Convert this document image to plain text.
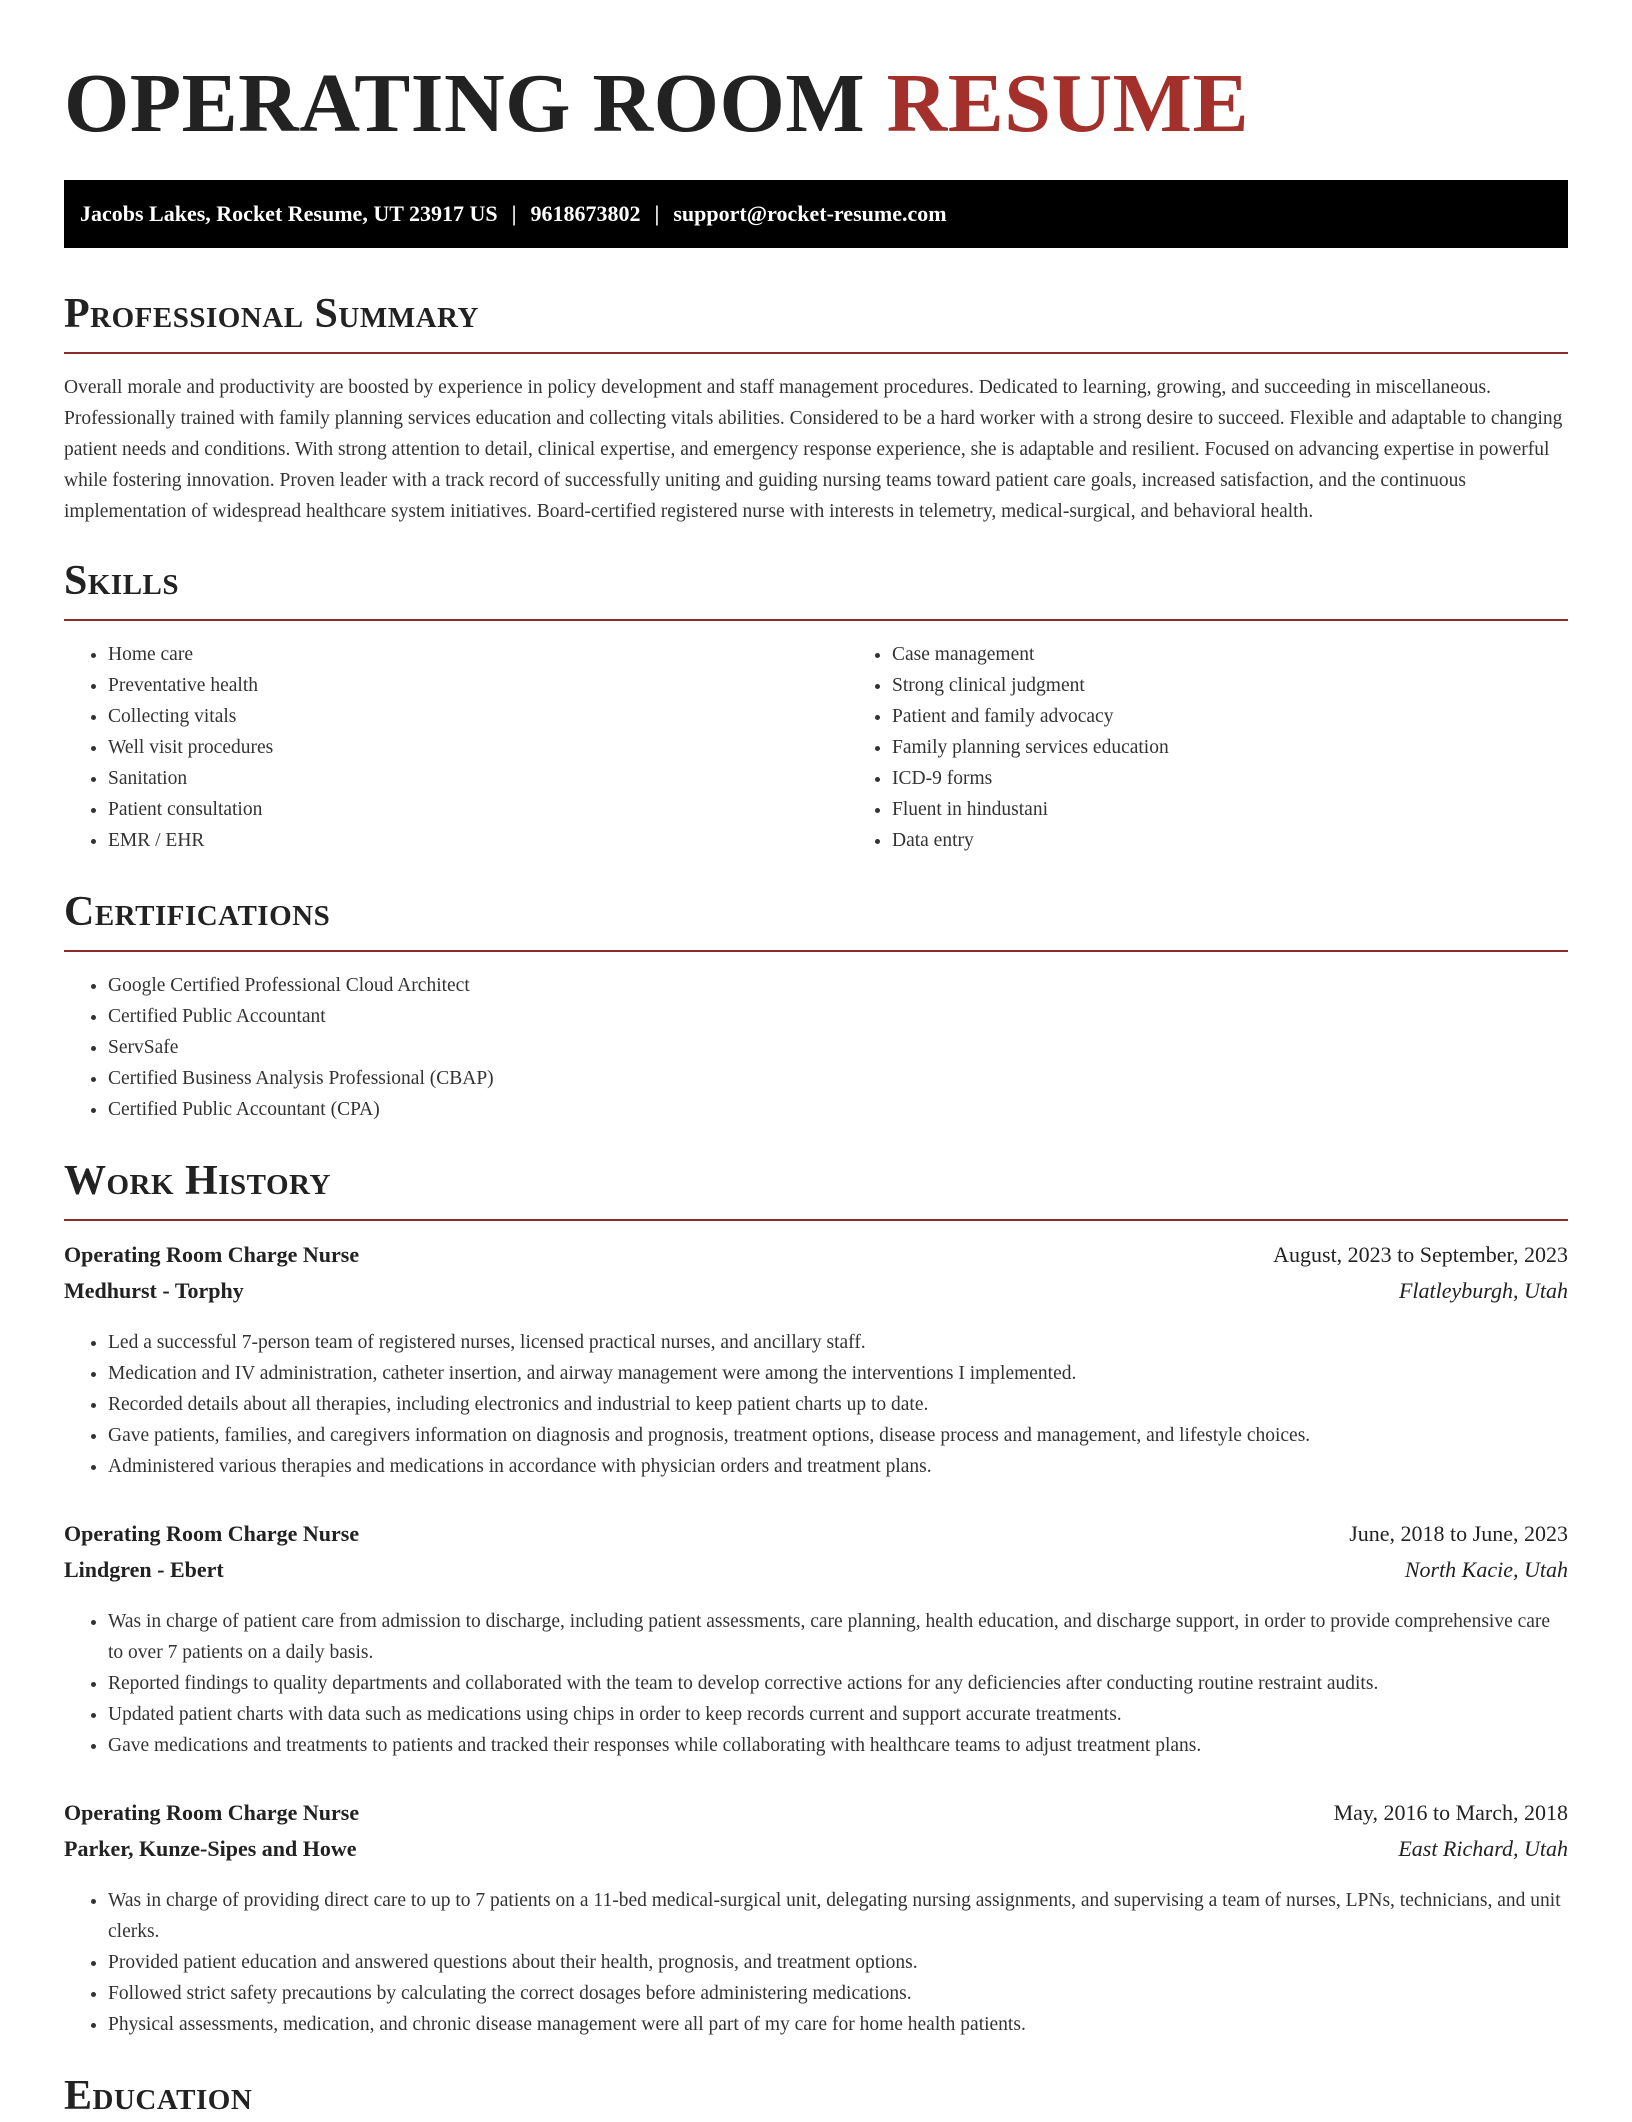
OPERATING ROOM RESUME
Jacobs Lakes, Rocket Resume, UT 23917 US | 9618673802 | support@rocket-resume.com
Professional Summary

Overall morale and productivity are boosted by experience in policy development and staff management procedures. Dedicated to learning, growing, and succeeding in miscellaneous. Professionally trained with family planning services education and collecting vitals abilities. Considered to be a hard worker with a strong desire to succeed. Flexible and adaptable to changing patient needs and conditions. With strong attention to detail, clinical expertise, and emergency response experience, she is adaptable and resilient. Focused on advancing expertise in powerful while fostering innovation. Proven leader with a track record of successfully uniting and guiding nursing teams toward patient care goals, increased satisfaction, and the continuous implementation of widespread healthcare system initiatives. Board-certified registered nurse with interests in telemetry, medical-surgical, and behavioral health.

Skills
• Home care
• Preventative health
• Collecting vitals
• Well visit procedures
• Sanitation
• Patient consultation
• EMR / EHR
• Case management
• Strong clinical judgment
• Patient and family advocacy
• Family planning services education
• ICD-9 forms
• Fluent in hindustani
• Data entry
Certifications
• Google Certified Professional Cloud Architect
• Certified Public Accountant
• ServSafe
• Certified Business Analysis Professional (CBAP)
• Certified Public Accountant (CPA)
Work History
Operating Room Charge Nurse	August, 2023 to September, 2023
Medhurst - Torphy	Flatleyburgh, Utah
• Led a successful 7-person team of registered nurses, licensed practical nurses, and ancillary staff.
• Medication and IV administration, catheter insertion, and airway management were among the interventions I implemented.
• Recorded details about all therapies, including electronics and industrial to keep patient charts up to date.
• Gave patients, families, and caregivers information on diagnosis and prognosis, treatment options, disease process and management, and lifestyle choices.
• Administered various therapies and medications in accordance with physician orders and treatment plans.
Operating Room Charge Nurse	June, 2018 to June, 2023
Lindgren - Ebert	North Kacie, Utah
• Was in charge of patient care from admission to discharge, including patient assessments, care planning, health education, and discharge support, in order to provide comprehensive care to over 7 patients on a daily basis.
• Reported findings to quality departments and collaborated with the team to develop corrective actions for any deficiencies after conducting routine restraint audits.
• Updated patient charts with data such as medications using chips in order to keep records current and support accurate treatments.
• Gave medications and treatments to patients and tracked their responses while collaborating with healthcare teams to adjust treatment plans.
Operating Room Charge Nurse	May, 2016 to March, 2018
Parker, Kunze-Sipes and Howe	East Richard, Utah
• Was in charge of providing direct care to up to 7 patients on a 11-bed medical-surgical unit, delegating nursing assignments, and supervising a team of nurses, LPNs, technicians, and unit clerks.
• Provided patient education and answered questions about their health, prognosis, and treatment options.
• Followed strict safety precautions by calculating the correct dosages before administering medications.
• Physical assessments, medication, and chronic disease management were all part of my care for home health patients.
Education
